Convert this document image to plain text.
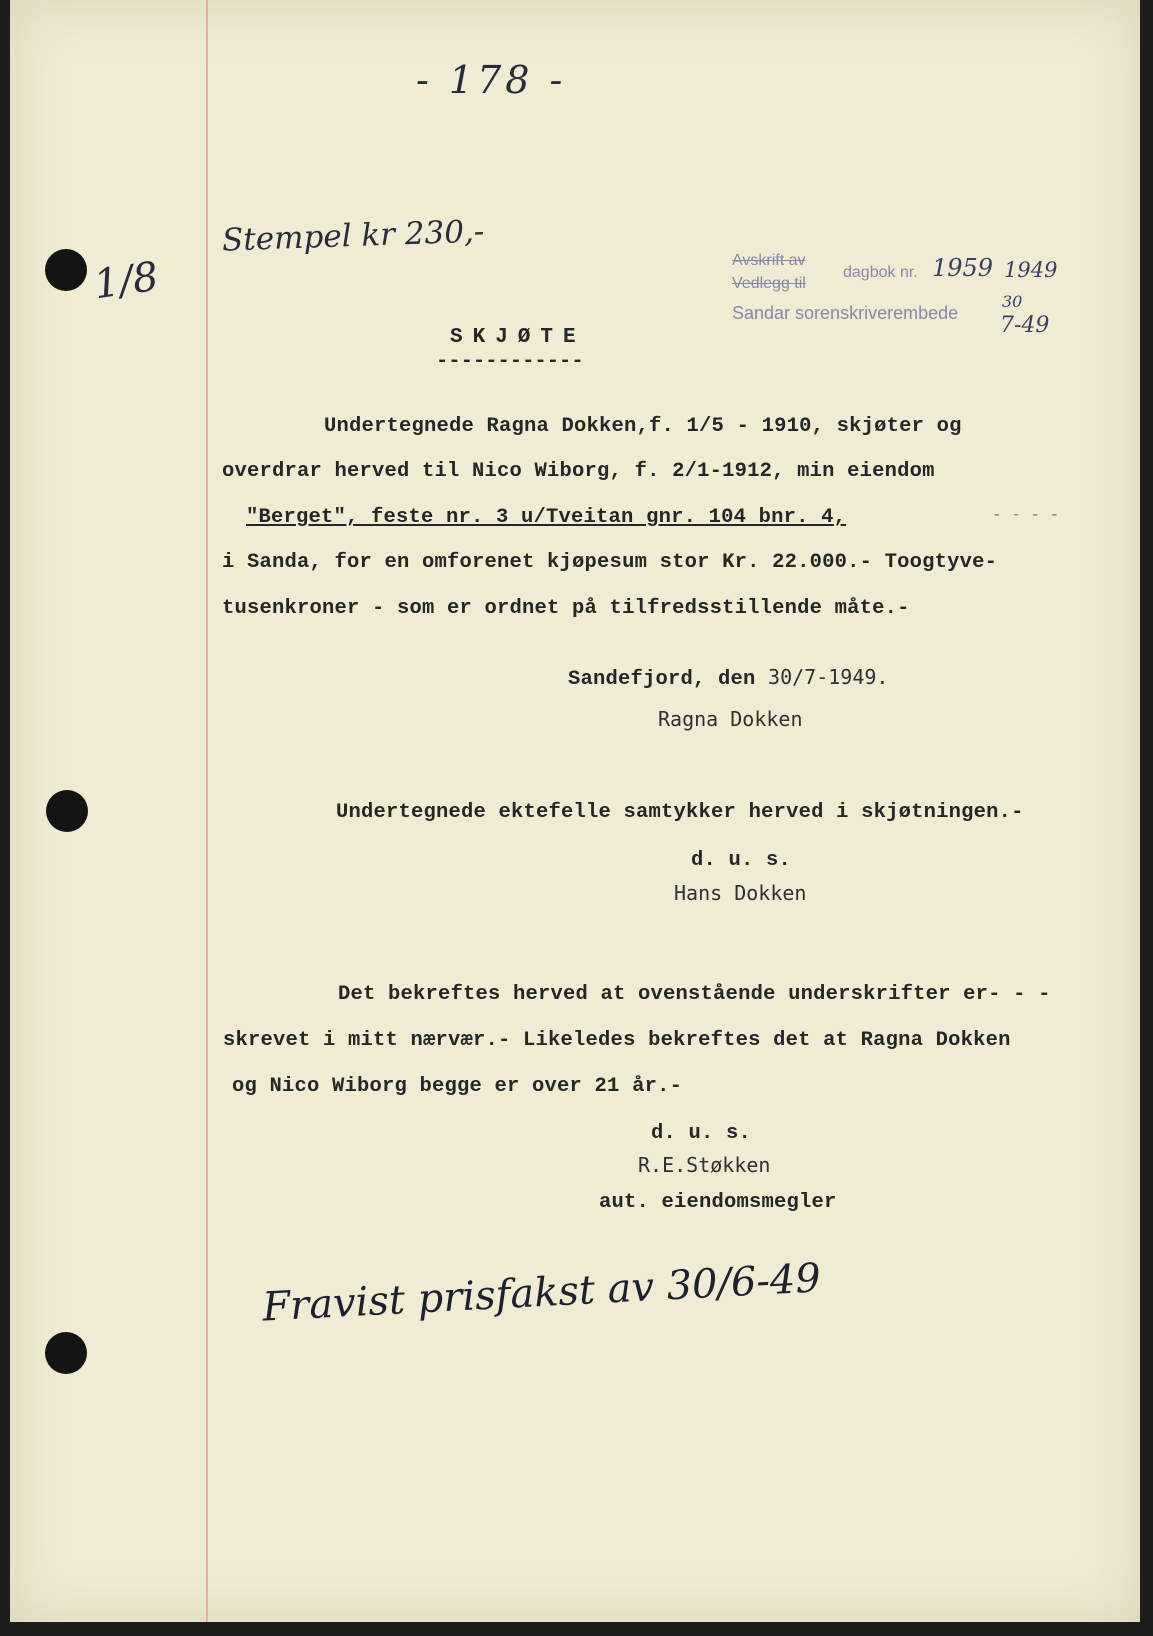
- 178 -
Stempel kr 230,-
1/8	Avskrift av
dagbok nr. 1959 1949
Vedlegg til
Sandar sorenskriverembede
30
7-49
SKJØTE
------------
Undertegnede Ragna Dokken,f. 1/5 - 1910, skjøter og
overdrar herved til Nico Wiborg, f. 2/1-1912, min eiendom
"Berget", feste nr. 3 u/Tveitan gnr. 104 bnr. 4,	- - - -
i Sanda, for en omforenet kjøpesum stor Kr. 22.000.- Toogtyve-
tusenkroner - som er ordnet på tilfredsstillende måte.-
Sandefjord, den 30/7-1949.
Ragna Dokken
Undertegnede ektefelle samtykker herved i skjøtningen.-
d. u. s.
Hans Dokken
Det bekreftes herved at ovenstående underskrifter er- - -
skrevet i mitt nærvær.- Likeledes bekreftes det at Ragna Dokken
og Nico Wiborg begge er over 21 år.-
d. u. s.
R.E.Støkken
aut. eiendomsmegler
Fravist prisfakst av 30/6-49
